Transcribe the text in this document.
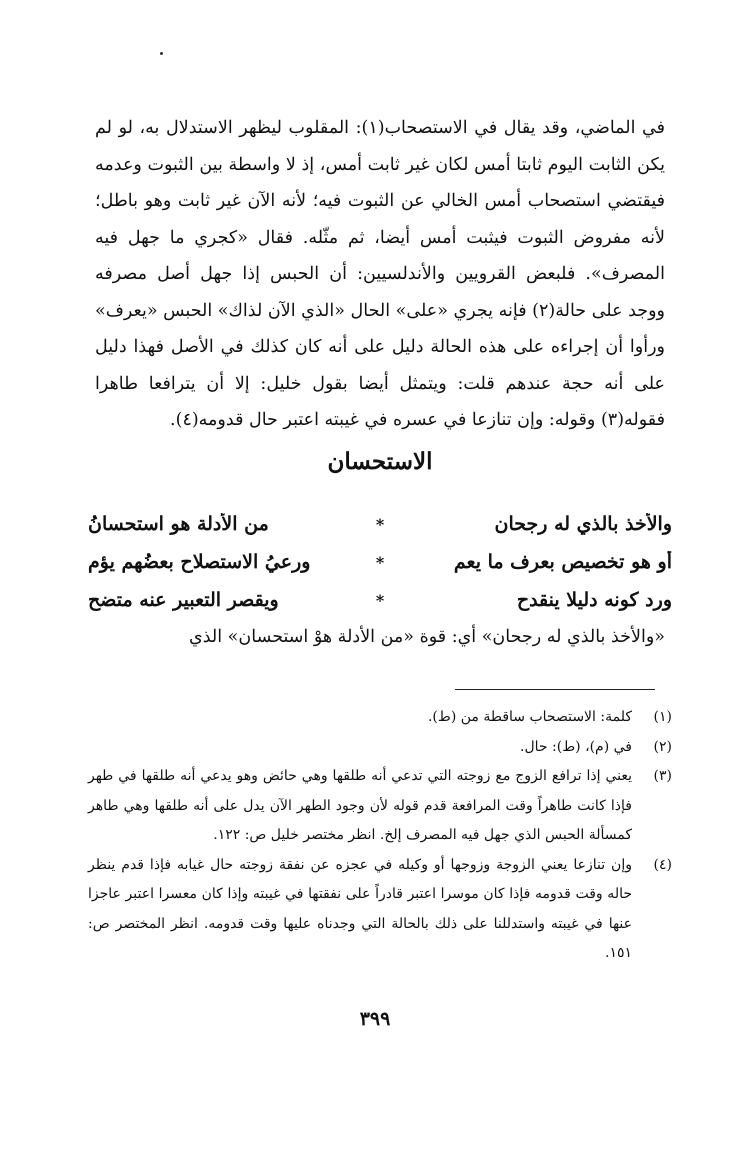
في الماضي، وقد يقال في الاستصحاب(١): المقلوب ليظهر الاستدلال به، لو لم يكن الثابت اليوم ثابتا أمس لكان غير ثابت أمس، إذ لا واسطة بين الثبوت وعدمه فيقتضي استصحاب أمس الخالي عن الثبوت فيه؛ لأنه الآن غير ثابت وهو باطل؛ لأنه مفروض الثبوت فيثبت أمس أيضا، ثم مثّله. فقال «كجري ما جهل فيه المصرف». فلبعض القرويين والأندلسيين: أن الحبس إذا جهل أصل مصرفه ووجد على حالة(٢) فإنه يجري «على» الحال «الذي الآن لذاك» الحبس «يعرف» ورأوا أن إجراءه على هذه الحالة دليل على أنه كان كذلك في الأصل فهذا دليل على أنه حجة عندهم قلت: ويتمثل أيضا بقول خليل: إلا أن يترافعا طاهرا فقوله(٣) وقوله: وإن تنازعا في عسره في غيبته اعتبر حال قدومه(٤).

الاستحسان
والأخذ بالذي له رجحان
*
من الأدلة هو استحسانُ
أو هو تخصيص بعرف ما يعم
*
ورعيُ الاستصلاح بعضُهم يؤم
ورد كونه دليلا ينقدح
*
ويقصر التعبير عنه متضح
«والأخذ بالذي له رجحان» أي: قوة «من الأدلة هوْ استحسان» الذي
(١)
كلمة: الاستصحاب ساقطة من (ط).
(٢)
في (م)، (ط): حال.
(٣)
يعني إذا ترافع الزوج مع زوجته التي تدعي أنه طلقها وهي حائض وهو يدعي أنه طلقها في طهر فإذا كانت طاهراً وقت المرافعة قدم قوله لأن وجود الطهر الآن يدل على أنه طلقها وهي طاهر كمسألة الحبس الذي جهل فيه المصرف إلخ. انظر مختصر خليل ص: ١٢٢.
(٤)
وإن تنازعا يعني الزوجة وزوجها أو وكيله في عجزه عن نفقة زوجته حال غيابه فإذا قدم ينظر حاله وقت قدومه فإذا كان موسرا اعتبر قادراً على نفقتها في غيبته وإذا كان معسرا اعتبر عاجزا عنها في غيبته واستدللنا على ذلك بالحالة التي وجدناه عليها وقت قدومه. انظر المختصر ص: ١٥١.
٣٩٩
